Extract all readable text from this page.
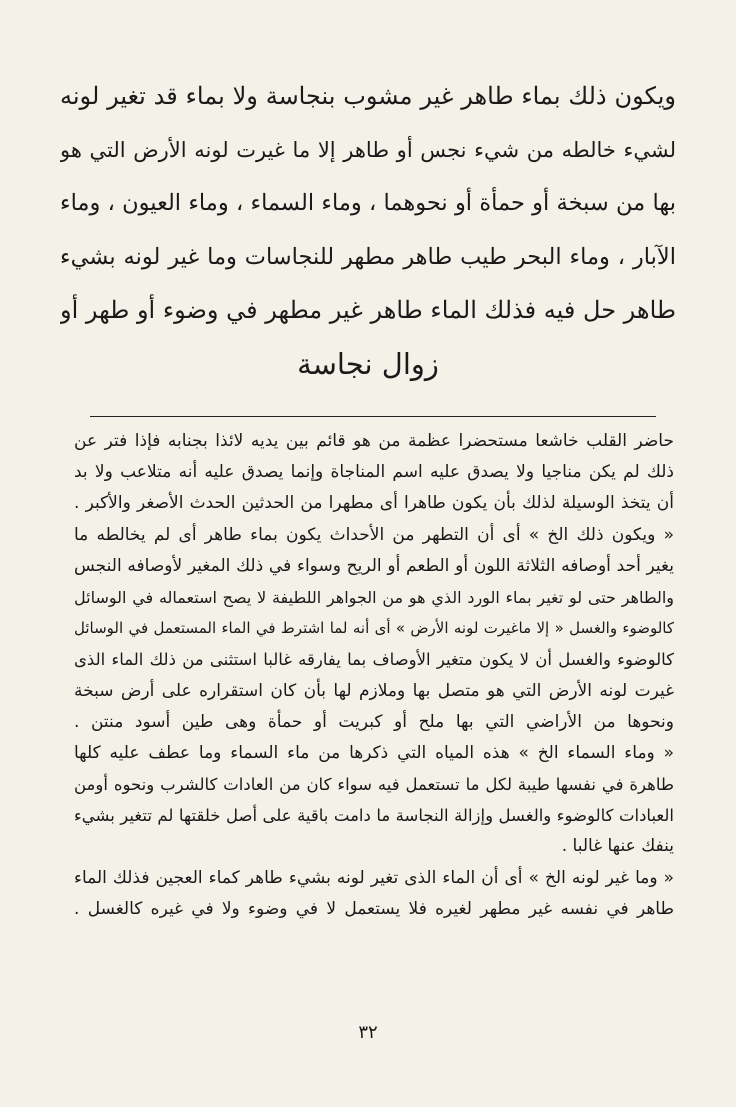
ويكون ذلك بماء طاهر غير مشوب بنجاسة ولا بماء قد تغير لونه
لشيء خالطه من شيء نجس أو طاهر إلا ما غيرت لونه الأرض التي هو
بها من سبخة أو حمأة أو نحوهما ، وماء السماء ، وماء العيون ، وماء
الآبار ، وماء البحر طيب طاهر مطهر للنجاسات وما غير لونه بشيء
طاهر حل فيه فذلك الماء طاهر غير مطهر في وضوء أو طهر أو
زوال نجاسة
حاضر القلب خاشعا مستحضرا عظمة من هو قائم بين يديه لائذا بجنابه فإذا فتر عن
ذلك لم يكن مناجيا ولا يصدق عليه اسم المناجاة وإنما يصدق عليه أنه متلاعب ولا بد
أن يتخذ الوسيلة لذلك بأن يكون طاهرا أى مطهرا من الحدثين الحدث الأصغر والأكبر .
« ويكون ذلك الخ » أى أن التطهر من الأحداث يكون بماء طاهر أى لم يخالطه ما
يغير أحد أوصافه الثلاثة اللون أو الطعم أو الريح وسواء في ذلك المغير لأوصافه النجس
والطاهر حتى لو تغير بماء الورد الذي هو من الجواهر اللطيفة لا يصح استعماله في الوسائل
كالوضوء والغسل « إلا ماغيرت لونه الأرض » أى أنه لما اشترط في الماء المستعمل في الوسائل
كالوضوء والغسل أن لا يكون متغير الأوصاف بما يفارقه غالبا استثنى من ذلك الماء الذى
غيرت لونه الأرض التي هو متصل بها وملازم لها بأن كان استقراره على أرض سبخة
ونحوها من الأراضي التي بها ملح أو كبريت أو حمأة وهى طين أسود منتن .
« وماء السماء الخ » هذه المياه التي ذكرها من ماء السماء وما عطف عليه كلها
طاهرة في نفسها طيبة لكل ما تستعمل فيه سواء كان من العادات كالشرب ونحوه أومن
العبادات كالوضوء والغسل وإزالة النجاسة ما دامت باقية على أصل خلقتها لم تتغير بشيء
ينفك عنها غالبا .
« وما غير لونه الخ » أى أن الماء الذى تغير لونه بشيء طاهر كماء العجين فذلك الماء
طاهر في نفسه غير مطهر لغيره فلا يستعمل لا في وضوء ولا في غيره كالغسل .
٣٢
